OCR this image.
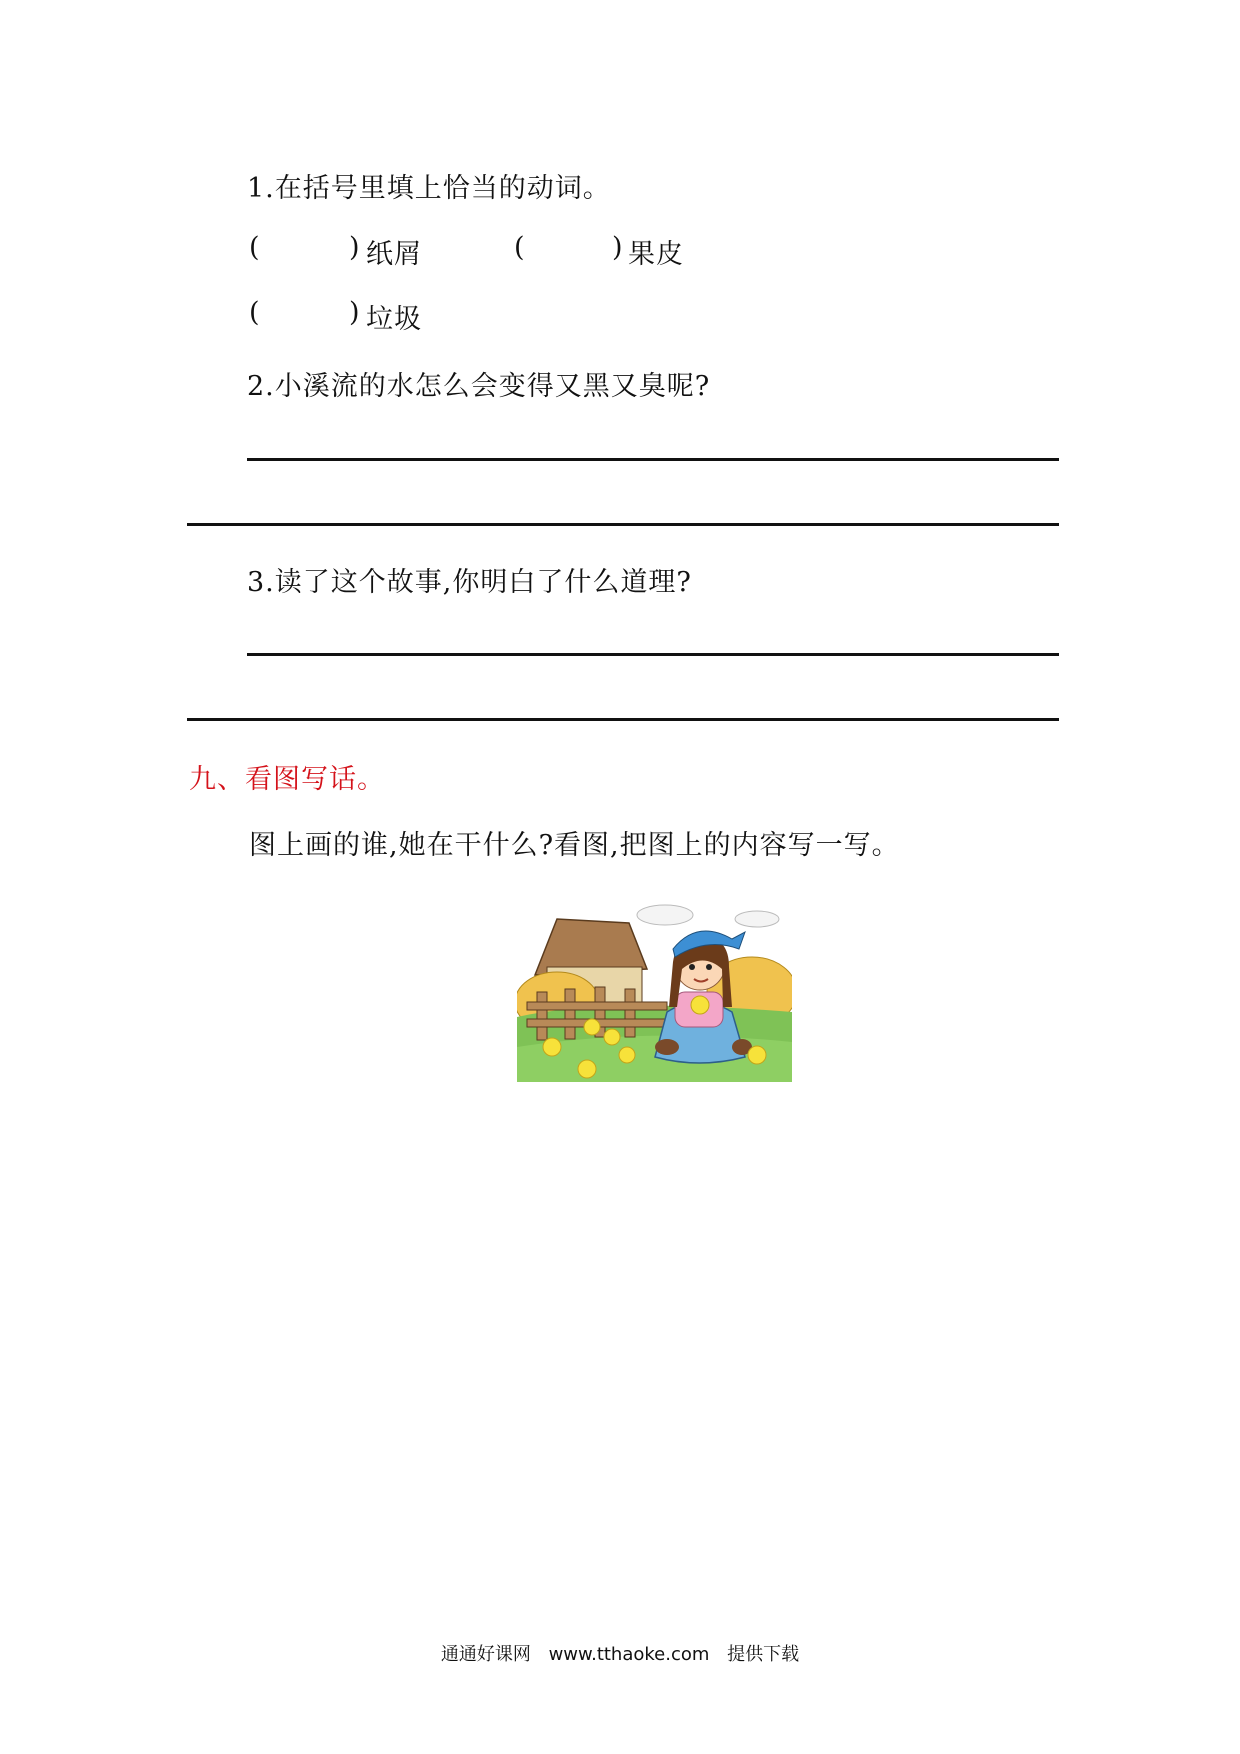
1.在括号里填上恰当的动词。
(	) 纸屑	(	) 果皮
(	) 垃圾
2.小溪流的水怎么会变得又黑又臭呢?
3.读了这个故事,你明白了什么道理?
九、看图写话。
图上画的谁,她在干什么?看图,把图上的内容写一写。
通通好课网 www.tthaoke.com 提供下载
